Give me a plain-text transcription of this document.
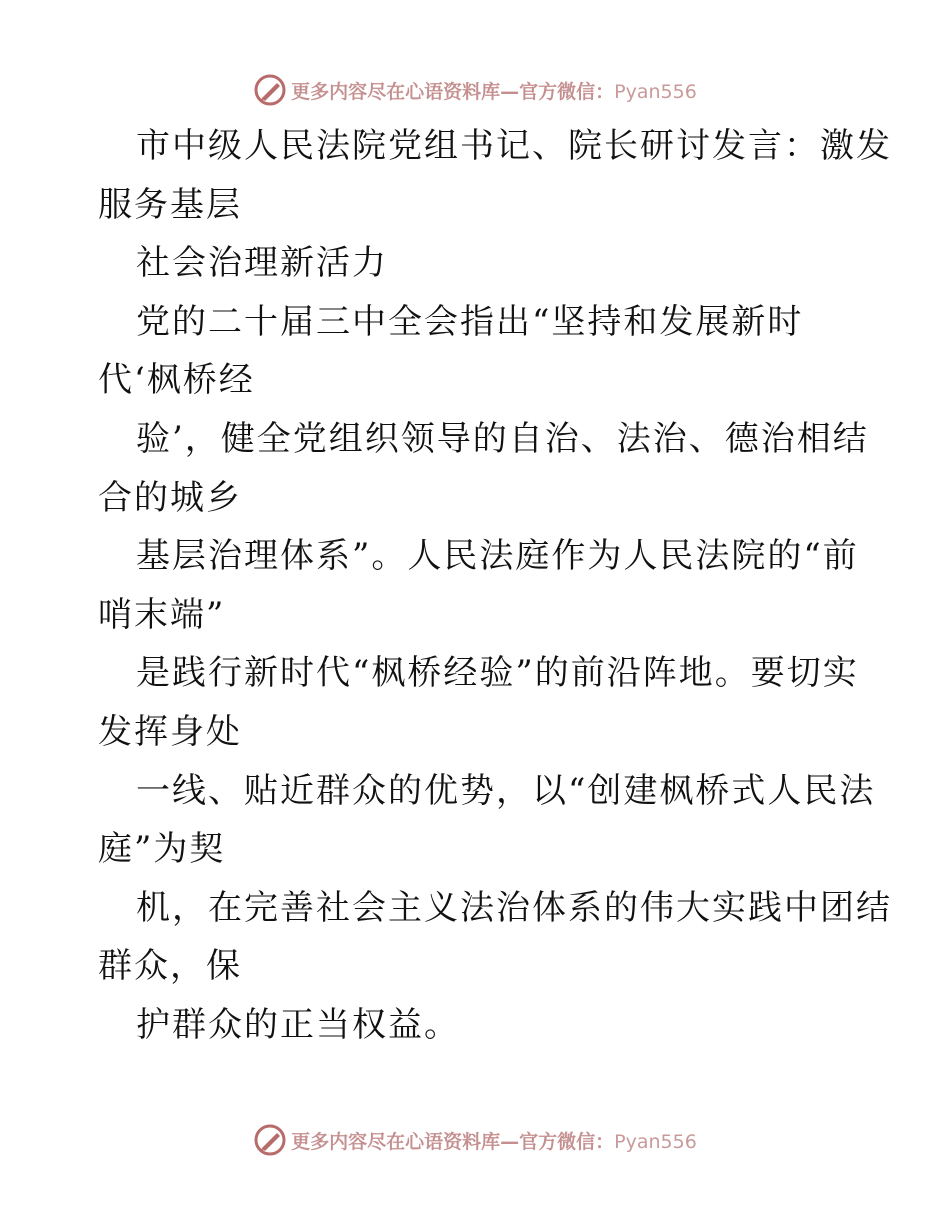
更多内容尽在心语资料库—官方微信：Pyan556
市中级人民法院党组书记、院长研讨发言：激发
服务基层
社会治理新活力
党的二十届三中全会指出“坚持和发展新时
代‘枫桥经
验’，健全党组织领导的自治、法治、德治相结
合的城乡
基层治理体系”。人民法庭作为人民法院的“前
哨末端”
是践行新时代“枫桥经验”的前沿阵地。要切实
发挥身处
一线、贴近群众的优势，以“创建枫桥式人民法
庭”为契
机，在完善社会主义法治体系的伟大实践中团结
群众，保
护群众的正当权益。
更多内容尽在心语资料库—官方微信：Pyan556
